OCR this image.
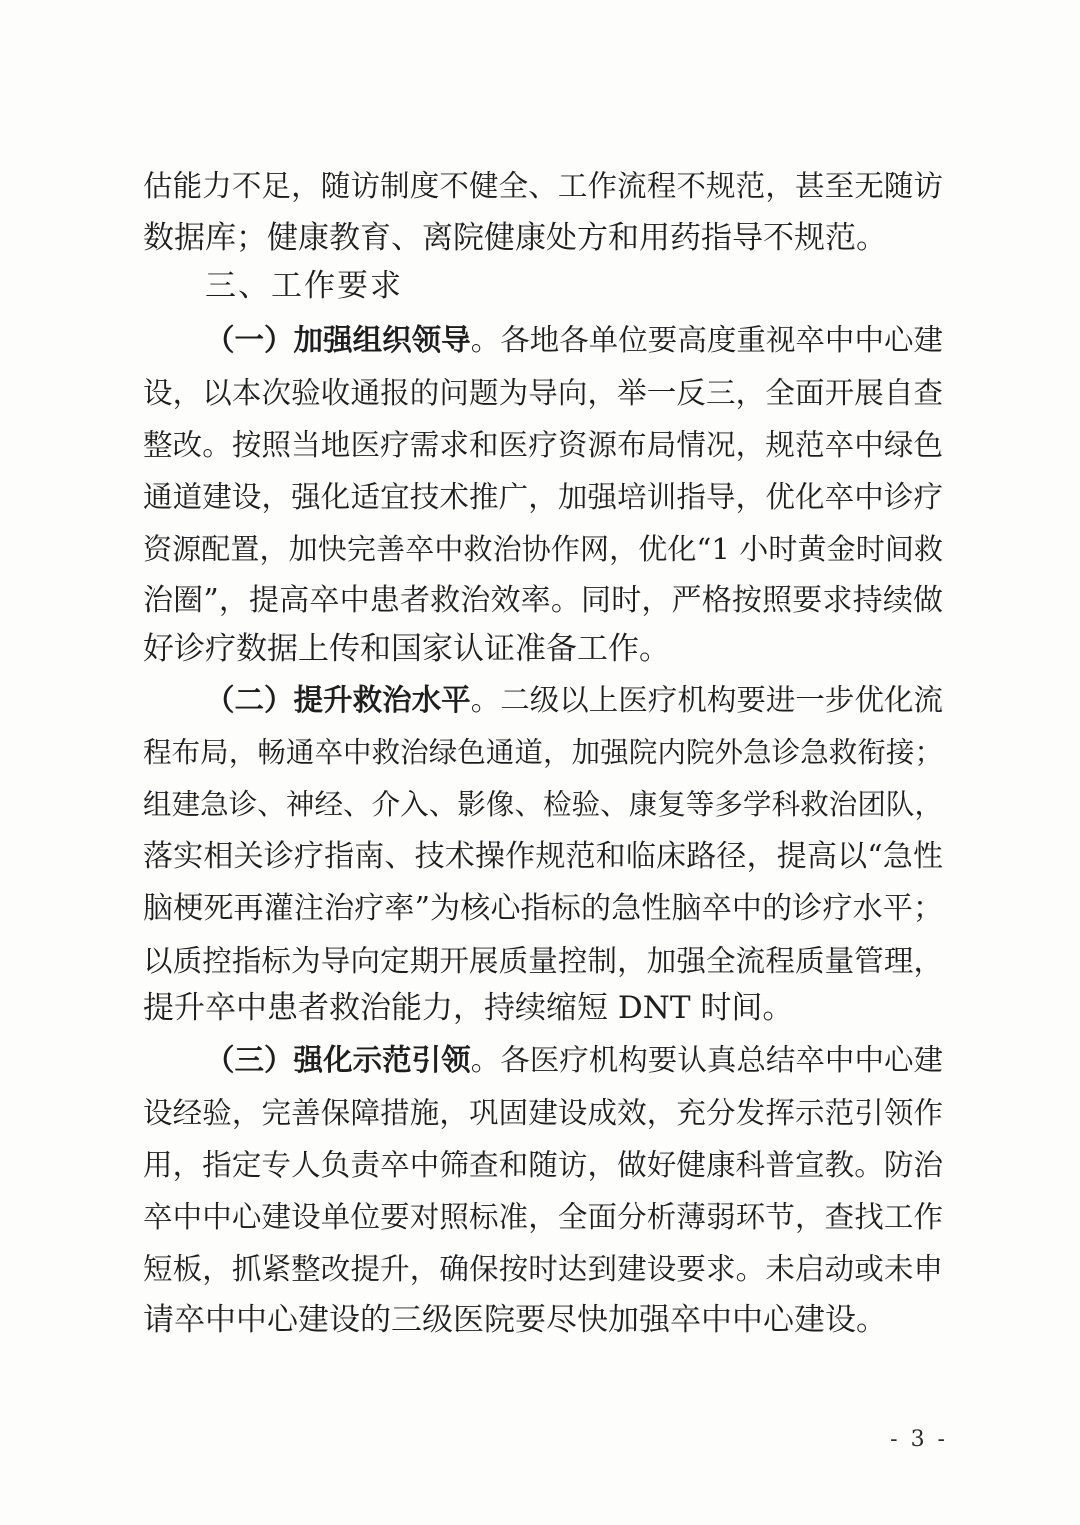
估能力不足，随访制度不健全、工作流程不规范，甚至无随访
数据库；健康教育、离院健康处方和用药指导不规范。
三、工作要求
（一）加强组织领导。各地各单位要高度重视卒中中心建
设，以本次验收通报的问题为导向，举一反三，全面开展自查
整改。按照当地医疗需求和医疗资源布局情况，规范卒中绿色
通道建设，强化适宜技术推广，加强培训指导，优化卒中诊疗
资源配置，加快完善卒中救治协作网，优化“1 小时黄金时间救
治圈”，提高卒中患者救治效率。同时，严格按照要求持续做
好诊疗数据上传和国家认证准备工作。
（二）提升救治水平。二级以上医疗机构要进一步优化流
程布局，畅通卒中救治绿色通道，加强院内院外急诊急救衔接；
组建急诊、神经、介入、影像、检验、康复等多学科救治团队，
落实相关诊疗指南、技术操作规范和临床路径，提高以“急性
脑梗死再灌注治疗率”为核心指标的急性脑卒中的诊疗水平；
以质控指标为导向定期开展质量控制，加强全流程质量管理，
提升卒中患者救治能力，持续缩短 DNT 时间。
（三）强化示范引领。各医疗机构要认真总结卒中中心建
设经验，完善保障措施，巩固建设成效，充分发挥示范引领作
用，指定专人负责卒中筛查和随访，做好健康科普宣教。防治
卒中中心建设单位要对照标准，全面分析薄弱环节，查找工作
短板，抓紧整改提升，确保按时达到建设要求。未启动或未申
请卒中中心建设的三级医院要尽快加强卒中中心建设。
- 3 -
